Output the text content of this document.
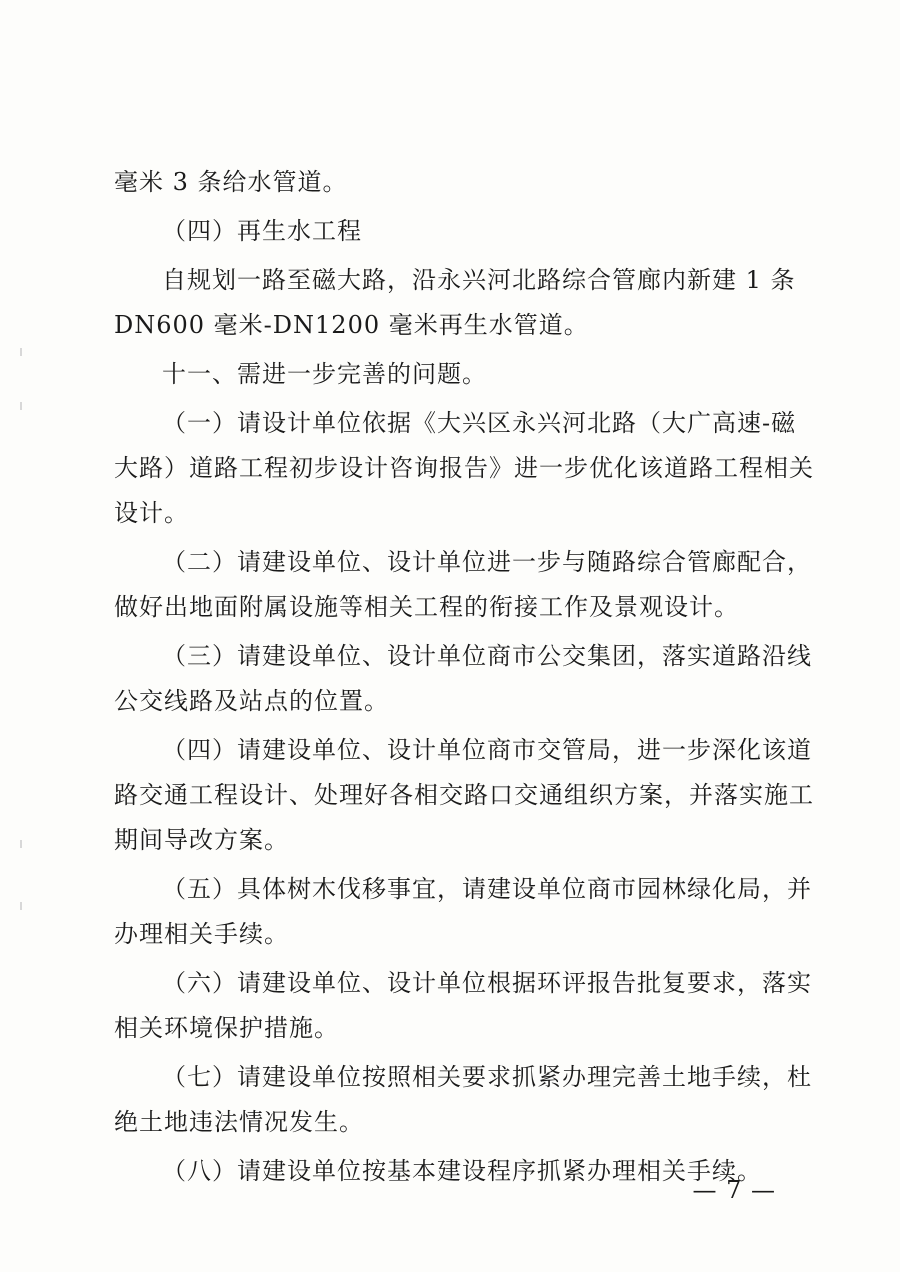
毫米 3 条给水管道。
（四）再生水工程
自规划一路至磁大路，沿永兴河北路综合管廊内新建 1 条
DN600 毫米-DN1200 毫米再生水管道。
十一、需进一步完善的问题。
（一）请设计单位依据《大兴区永兴河北路（大广高速-磁
大路）道路工程初步设计咨询报告》进一步优化该道路工程相关
设计。
（二）请建设单位、设计单位进一步与随路综合管廊配合，
做好出地面附属设施等相关工程的衔接工作及景观设计。
（三）请建设单位、设计单位商市公交集团，落实道路沿线
公交线路及站点的位置。
（四）请建设单位、设计单位商市交管局，进一步深化该道
路交通工程设计、处理好各相交路口交通组织方案，并落实施工
期间导改方案。
（五）具体树木伐移事宜，请建设单位商市园林绿化局，并
办理相关手续。
（六）请建设单位、设计单位根据环评报告批复要求，落实
相关环境保护措施。
（七）请建设单位按照相关要求抓紧办理完善土地手续，杜
绝土地违法情况发生。
（八）请建设单位按基本建设程序抓紧办理相关手续。
— 7 —
